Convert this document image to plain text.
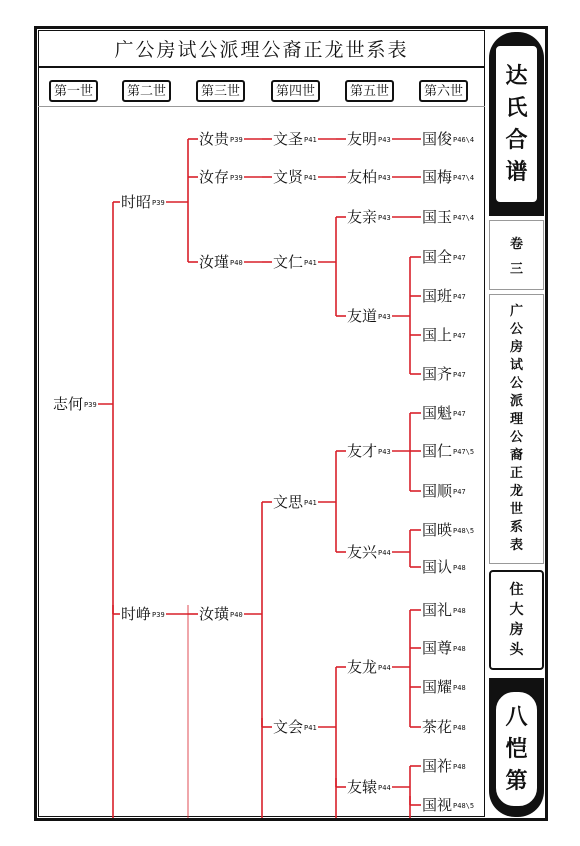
广公房试公派理公裔正龙世系表
第一世	第二世	第三世	第四世	第五世	第六世
志何P39
时昭P39
时峥P39
汝贵P39
汝存P39
汝瑾P40
汝璜P40
文圣P41
文贤P41
文仁P41
文思P41
文会P41
友明P43
友柏P43
友亲P43
友道P43
友才P43
友兴P44
友龙P44
友辕P44
国俊P46\4
国梅P47\4
国玉P47\4
国全P47
国班P47
国上P47
国齐P47
国魁P47
国仁P47\5
国顺P47
国暎P48\5
国认P48
国礼P48
国尊P48
国耀P48
茶花P48
国祚P48
国视P48\5
达
氏
合
谱
卷
三
广
公
房
试
公
派
理
公
裔
正
龙
世
系
表
住
大
房
头
八
恺
第
